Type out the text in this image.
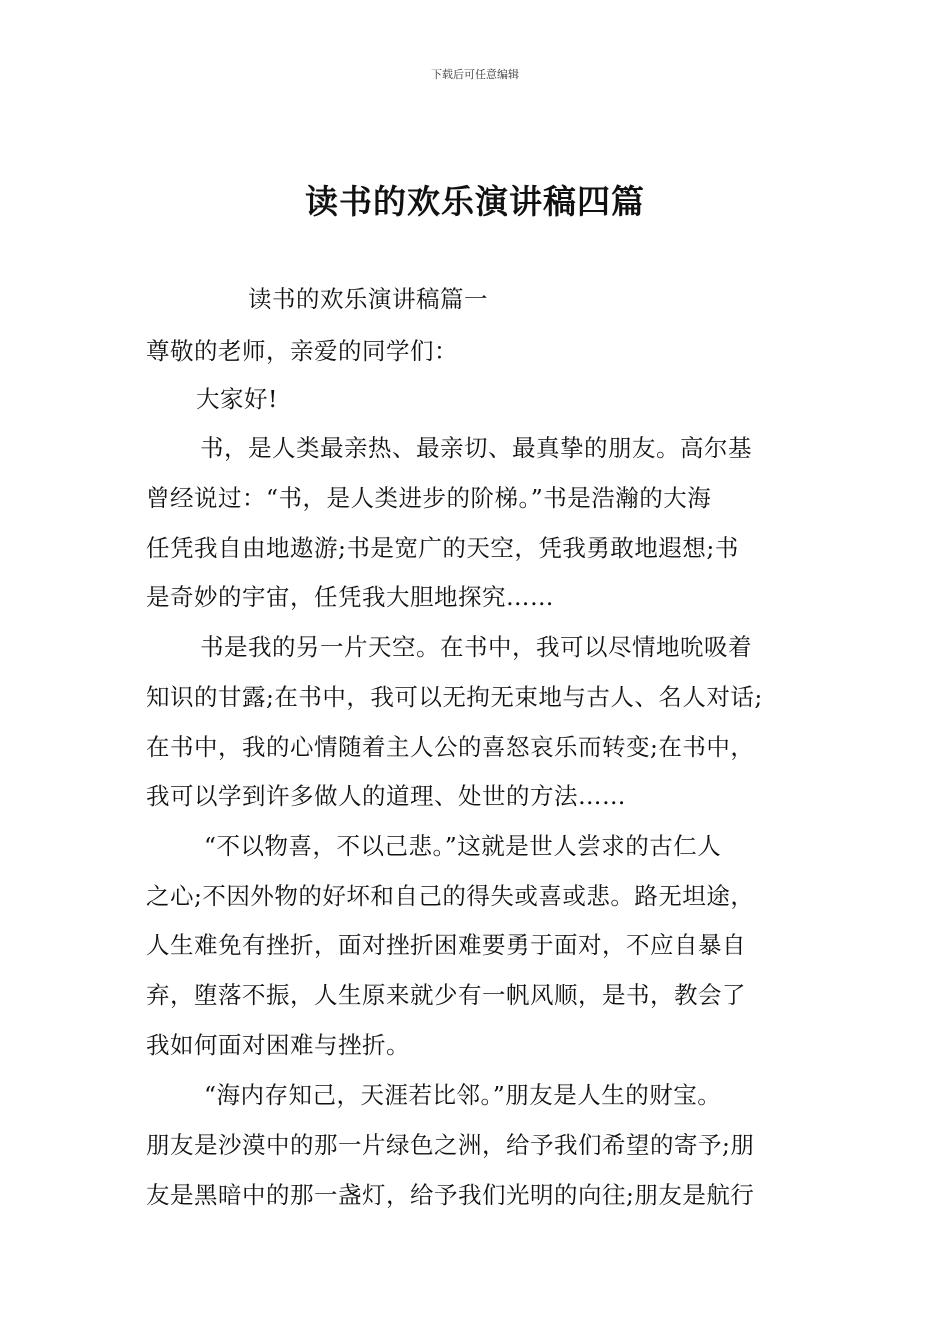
下载后可任意编辑
读书的欢乐演讲稿四篇
读书的欢乐演讲稿篇一
尊敬的老师，亲爱的同学们：
大家好!
书，是人类最亲热、最亲切、最真挚的朋友。高尔基
曾经说过：“书，是人类进步的阶梯。”书是浩瀚的大海
任凭我自由地遨游;书是宽广的天空，凭我勇敢地遐想;书
是奇妙的宇宙，任凭我大胆地探究……
书是我的另一片天空。在书中，我可以尽情地吮吸着
知识的甘露;在书中，我可以无拘无束地与古人、名人对话;
在书中，我的心情随着主人公的喜怒哀乐而转变;在书中，
我可以学到许多做人的道理、处世的方法……
“不以物喜，不以己悲。”这就是世人尝求的古仁人
之心;不因外物的好坏和自己的得失或喜或悲。路无坦途，
人生难免有挫折，面对挫折困难要勇于面对，不应自暴自
弃，堕落不振，人生原来就少有一帆风顺，是书，教会了
我如何面对困难与挫折。
“海内存知己，天涯若比邻。”朋友是人生的财宝。
朋友是沙漠中的那一片绿色之洲，给予我们希望的寄予;朋
友是黑暗中的那一盏灯，给予我们光明的向往;朋友是航行
